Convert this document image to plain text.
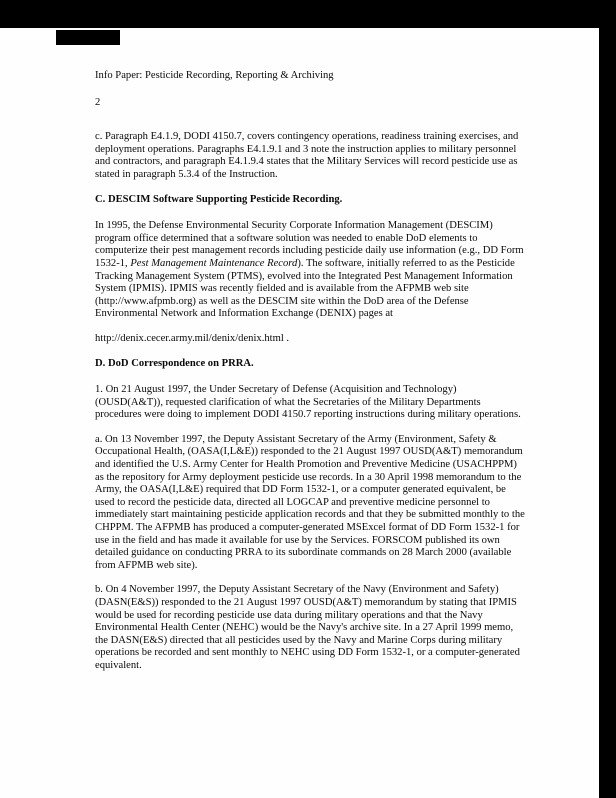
Info Paper: Pesticide Recording, Reporting & Archiving

2

c. Paragraph E4.1.9, DODI 4150.7, covers contingency operations, readiness training exercises, and deployment operations. Paragraphs E4.1.9.1 and 3 note the instruction applies to military personnel and contractors, and paragraph E4.1.9.4 states that the Military Services will record pesticide use as stated in paragraph 5.3.4 of the Instruction.

C. DESCIM Software Supporting Pesticide Recording.

In 1995, the Defense Environmental Security Corporate Information Management (DESCIM) program office determined that a software solution was needed to enable DoD elements to computerize their pest management records including pesticide daily use information (e.g., DD Form 1532-1, Pest Management Maintenance Record). The software, initially referred to as the Pesticide Tracking Management System (PTMS), evolved into the Integrated Pest Management Information System (IPMIS). IPMIS was recently fielded and is available from the AFPMB web site (http://www.afpmb.org) as well as the DESCIM site within the DoD area of the Defense Environmental Network and Information Exchange (DENIX) pages at

http://denix.cecer.army.mil/denix/denix.html .

D. DoD Correspondence on PRRA.

1. On 21 August 1997, the Under Secretary of Defense (Acquisition and Technology) (OUSD(A&T)), requested clarification of what the Secretaries of the Military Departments procedures were doing to implement DODI 4150.7 reporting instructions during military operations.

a. On 13 November 1997, the Deputy Assistant Secretary of the Army (Environment, Safety & Occupational Health, (OASA(I,L&E)) responded to the 21 August 1997 OUSD(A&T) memorandum and identified the U.S. Army Center for Health Promotion and Preventive Medicine (USACHPPM) as the repository for Army deployment pesticide use records. In a 30 April 1998 memorandum to the Army, the OASA(I,L&E) required that DD Form 1532-1, or a computer generated equivalent, be used to record the pesticide data, directed all LOGCAP and preventive medicine personnel to immediately start maintaining pesticide application records and that they be submitted monthly to the CHPPM. The AFPMB has produced a computer-generated MSExcel format of DD Form 1532-1 for use in the field and has made it available for use by the Services. FORSCOM published its own detailed guidance on conducting PRRA to its subordinate commands on 28 March 2000 (available from AFPMB web site).

b. On 4 November 1997, the Deputy Assistant Secretary of the Navy (Environment and Safety) (DASN(E&S)) responded to the 21 August 1997 OUSD(A&T) memorandum by stating that IPMIS would be used for recording pesticide use data during military operations and that the Navy Environmental Health Center (NEHC) would be the Navy's archive site. In a 27 April 1999 memo, the DASN(E&S) directed that all pesticides used by the Navy and Marine Corps during military operations be recorded and sent monthly to NEHC using DD Form 1532-1, or a computer-generated equivalent.
